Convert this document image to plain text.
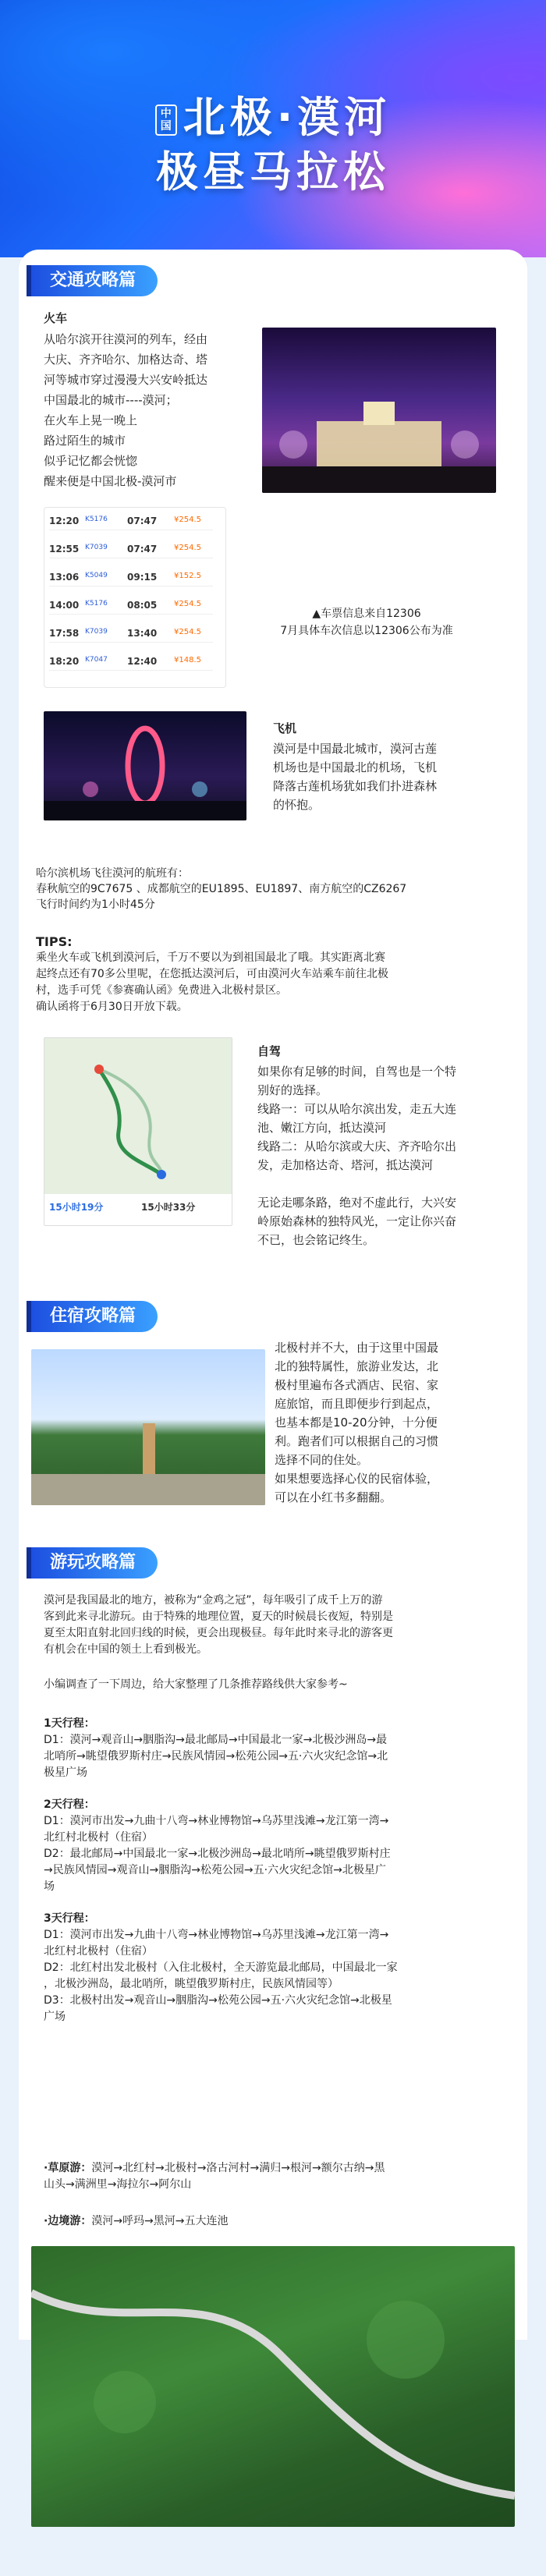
中国 北极·漠河
极昼马拉松
交通攻略篇
火车
从哈尔滨开往漠河的列车，经由
大庆、齐齐哈尔、加格达奇、塔
河等城市穿过漫漫大兴安岭抵达
中国最北的城市----漠河；
在火车上晃一晚上
路过陌生的城市
似乎记忆都会恍惚
醒来便是中国北极-漠河市
12:20 K5176 07:47 ¥254.5
12:55 K7039 07:47 ¥254.5
13:06 K5049 09:15 ¥152.5
14:00 K5176 08:05 ¥254.5
17:58 K7039 13:40 ¥254.5
18:20 K7047 12:40 ¥148.5
▲车票信息来自12306
7月具体车次信息以12306公布为准
飞机
漠河是中国最北城市，漠河古莲
机场也是中国最北的机场，飞机
降落古莲机场犹如我们扑进森林
的怀抱。
哈尔滨机场飞往漠河的航班有：
春秋航空的9C7675 、成都航空的EU1895、EU1897、南方航空的CZ6267
飞行时间约为1小时45分
TIPS:
乘坐火车或飞机到漠河后，千万不要以为到祖国最北了哦。其实距离北赛
起终点还有70多公里呢，在您抵达漠河后，可由漠河火车站乘车前往北极
村，选手可凭《参赛确认函》免费进入北极村景区。
确认函将于6月30日开放下载。
15小时19分	15小时33分
自驾
如果你有足够的时间，自驾也是一个特
别好的选择。
线路一：可以从哈尔滨出发，走五大连
池、嫩江方向，抵达漠河
线路二：从哈尔滨或大庆、齐齐哈尔出
发，走加格达奇、塔河，抵达漠河
无论走哪条路，绝对不虚此行，大兴安
岭原始森林的独特风光，一定让你兴奋
不已，也会铭记终生。
住宿攻略篇
北极村并不大，由于这里中国最
北的独特属性，旅游业发达，北
极村里遍布各式酒店、民宿、家
庭旅馆，而且即便步行到起点，
也基本都是10-20分钟，十分便
利。跑者们可以根据自己的习惯
选择不同的住处。
如果想要选择心仪的民宿体验，
可以在小红书多翻翻。
游玩攻略篇
漠河是我国最北的地方，被称为“金鸡之冠”，每年吸引了成千上万的游
客到此来寻北游玩。由于特殊的地理位置，夏天的时候晨长夜短，特别是
夏至太阳直射北回归线的时候，更会出现极昼。每年此时来寻北的游客更
有机会在中国的领土上看到极光。
小编调查了一下周边，给大家整理了几条推荐路线供大家参考~
1天行程：
D1：漠河→观音山→胭脂沟→最北邮局→中国最北一家→北极沙洲岛→最
北哨所→眺望俄罗斯村庄→民族风情园→松苑公园→五·六火灾纪念馆→北
极星广场
2天行程：
D1：漠河市出发→九曲十八弯→林业博物馆→乌苏里浅滩→龙江第一湾→
北红村北极村（住宿）
D2：最北邮局→中国最北一家→北极沙洲岛→最北哨所→眺望俄罗斯村庄
→民族风情园→观音山→胭脂沟→松苑公园→五·六火灾纪念馆→北极星广
场
3天行程：
D1：漠河市出发→九曲十八弯→林业博物馆→乌苏里浅滩→龙江第一湾→
北红村北极村（住宿）
D2：北红村出发北极村（入住北极村，全天游览最北邮局，中国最北一家
，北极沙洲岛，最北哨所，眺望俄罗斯村庄，民族风情园等）
D3：北极村出发→观音山→胭脂沟→松苑公园→五·六火灾纪念馆→北极星
广场
·草原游：漠河→北红村→北极村→洛古河村→满归→根河→额尔古纳→黑
山头→满洲里→海拉尔→阿尔山
·边境游：漠河→呼玛→黑河→五大连池
